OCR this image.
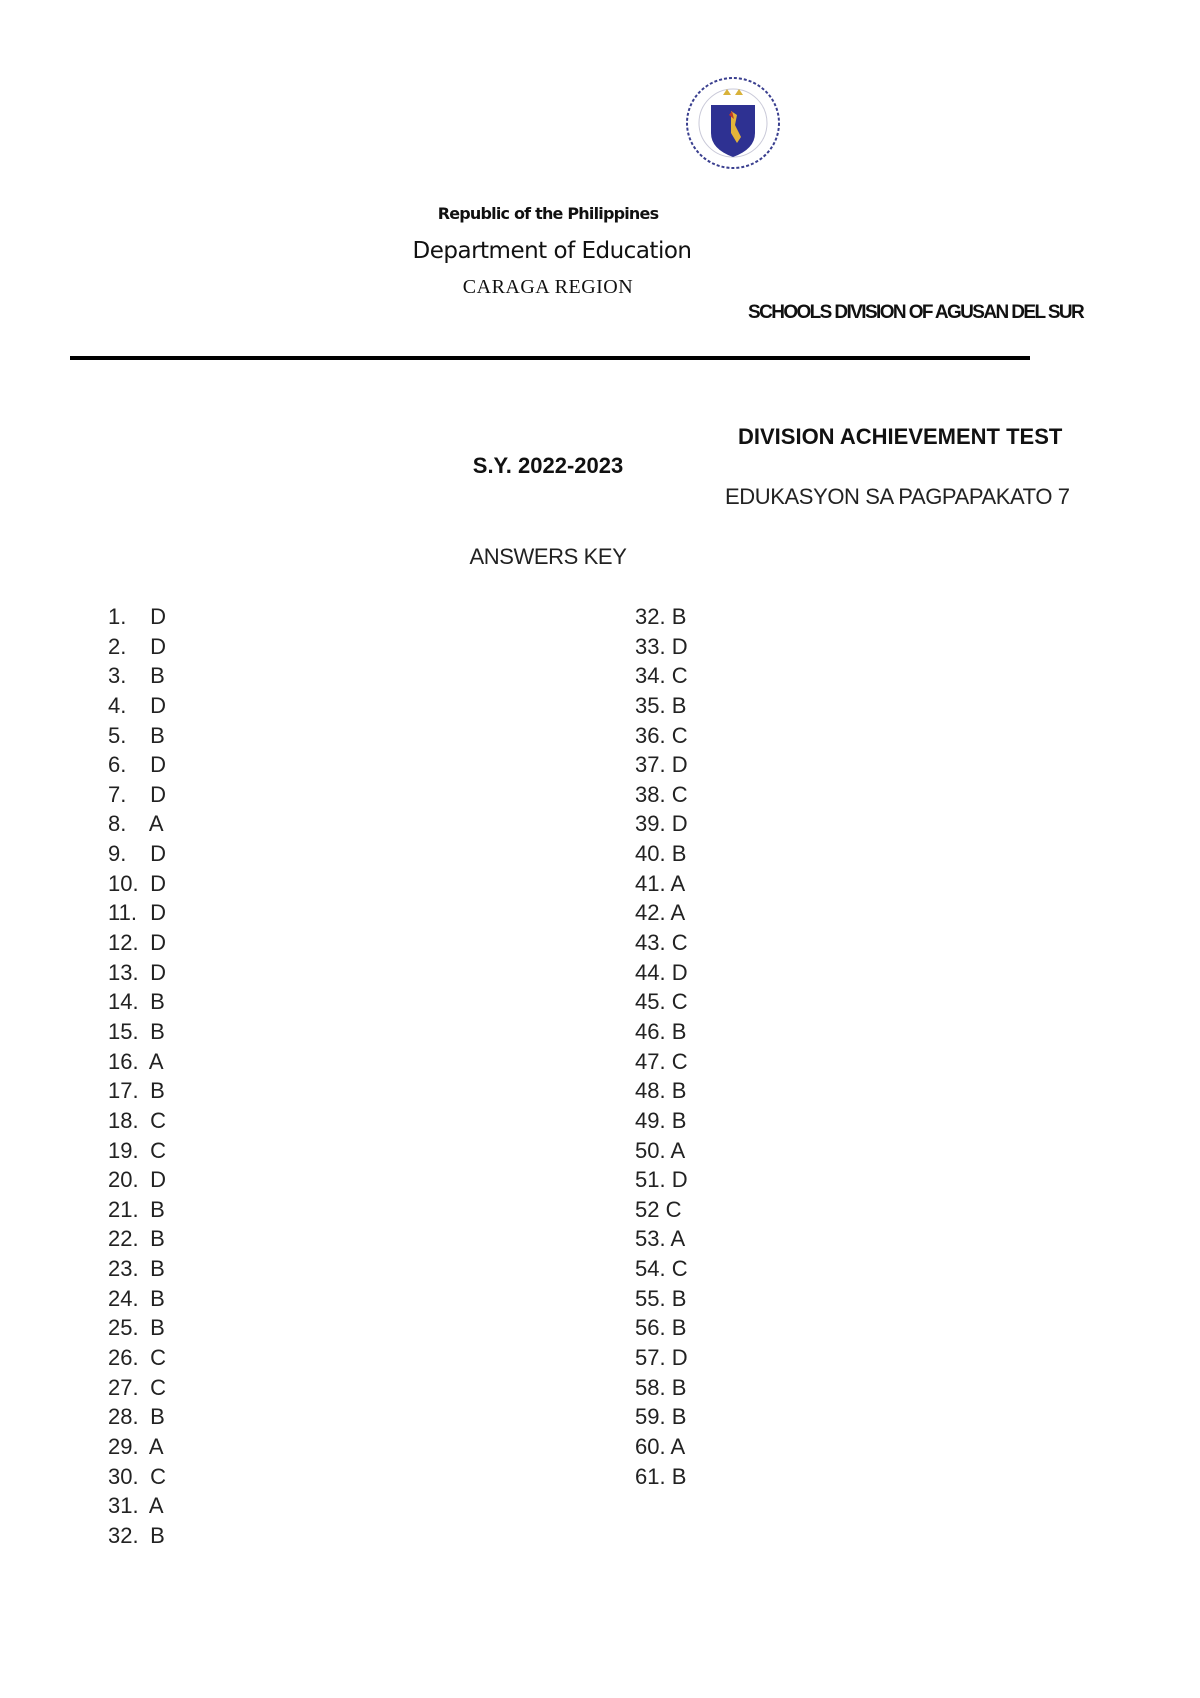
Republic of the Philippines
Department of Education
CARAGA REGION
SCHOOLS DIVISION OF AGUSAN DEL SUR
DIVISION ACHIEVEMENT TEST
S.Y. 2022-2023
EDUKASYON SA PAGPAPAKATO 7
ANSWERS KEY
1. D
2. D
3. B
4. D
5. B
6. D
7. D
8. A
9. D
10. D
11. D
12. D
13. D
14. B
15. B
16. A
17. B
18. C
19. C
20. D
21. B
22. B
23. B
24. B
25. B
26. C
27. C
28. B
29. A
30. C
31. A
32. B
32. B
33. D
34. C
35. B
36. C
37. D
38. C
39. D
40. B
41. A
42. A
43. C
44. D
45. C
46. B
47. C
48. B
49. B
50. A
51. D
52 C
53. A
54. C
55. B
56. B
57. D
58. B
59. B
60. A
61. B
